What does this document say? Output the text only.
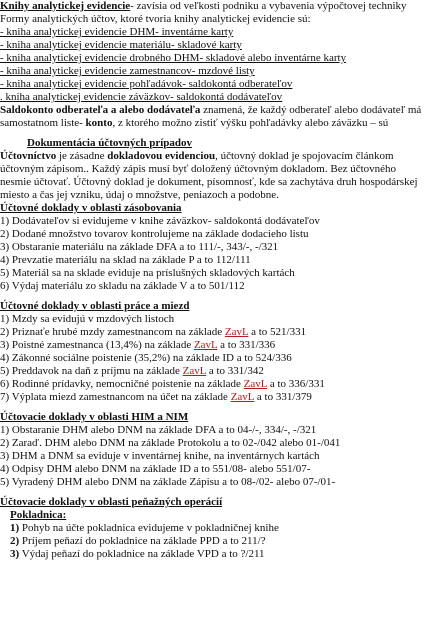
Knihy analytickej evidencie- zavísia od veľkosti podniku a vybavenia výpočtovej techniky
Formy analytických účtov, ktoré tvoria knihy analytickej evidencie sú:
- kniha analytickej evidencie DHM- inventárne karty
- kniha analytickej evidencie materiálu- skladové karty
- kniha analytickej evidencie drobného DHM- skladové alebo inventárne karty
- kniha analytickej evidencie zamestnancov- mzdové listy
- kniha analytickej evidencie pohľadávok- saldokontá odberateľov
. kniha analytickej evidencie záväzkov- saldokontá dodávateľov
Saldokonto odberateľa a alebo dodávateľa znamená, že každý odberateľ alebo dodávateľ má
samostatnom liste- konto, z ktorého možno zistiť výšku pohľadávky alebo záväzku – sú
Dokumentácia účtovných prípadov
Účtovníctvo je zásadne dokladovou evidenciou, účtovný doklad je spojovacím článkom
účtovným zápisom.. Každý zápis musí byť doložený účtovným dokladom. Bez účtovného
nesmie účtovať. Účtovný doklad je dokument, písomnosť, kde sa zachytáva druh hospodárskej
miesto a čas jej vzniku, údaj o množstve, peniazoch a podobne.
Účtovné doklady v oblasti zásobovania
1) Dodávateľov si evidujeme v knihe záväzkov- saldokontá dodávateľov
2) Dodané množstvo tovarov kontrolujeme na základe dodacieho listu
3) Obstaranie materiálu na základe DFA a to 111/-, 343/-, -/321
4) Prevzatie materiálu na sklad na základe P a to 112/111
5) Materiál sa na sklade eviduje na príslušných skladových kartách
6) Výdaj materiálu zo skladu na základe V a to 501/112
Účtovné doklady v oblasti práce a miezd
1) Mzdy sa evidujú v mzdových listoch
2) Priznaťe hrubé mzdy zamestnancom na základe ZavL a to 521/331
3) Poistné zamestnanca (13,4%) na základe ZavL a to 331/336
4) Zákonné sociálne poistenie (35,2%) na základe ID a to 524/336
5) Preddavok na daň z príjmu na základe ZavL a to 331/342
6) Rodinné prídavky, nemocničné poistenie na základe ZavL a to 336/331
7) Výplata miezd zamestnancom na účet na základe ZavL a to 331/379
Účtovacie doklady v oblasti HIM a NIM
1) Obstaranie DHM alebo DNM na základe DFA a to 04-/-, 334/-, -/321
2) Zaraď. DHM alebo DNM na základe Protokolu a to 02-/042 alebo 01-/041
3) DHM a DNM sa eviduje v inventárnej knihe, na inventárnych kartách
4) Odpisy DHM alebo DNM na základe ID a to 551/08- alebo 551/07-
5) Vyradený DHM alebo DNM na základe Zápisu a to 08-/02- alebo 07-/01-
Účtovacie doklady v oblasti peňažných operácií
Pokladnica:
1) Pohyb na účte pokladnica evidujeme v pokladničnej knihe
2) Príjem peňazí do pokladnice na základe PPD a to 211/?
3) Výdaj peňazí do pokladnice na základe VPD a to ?/211
